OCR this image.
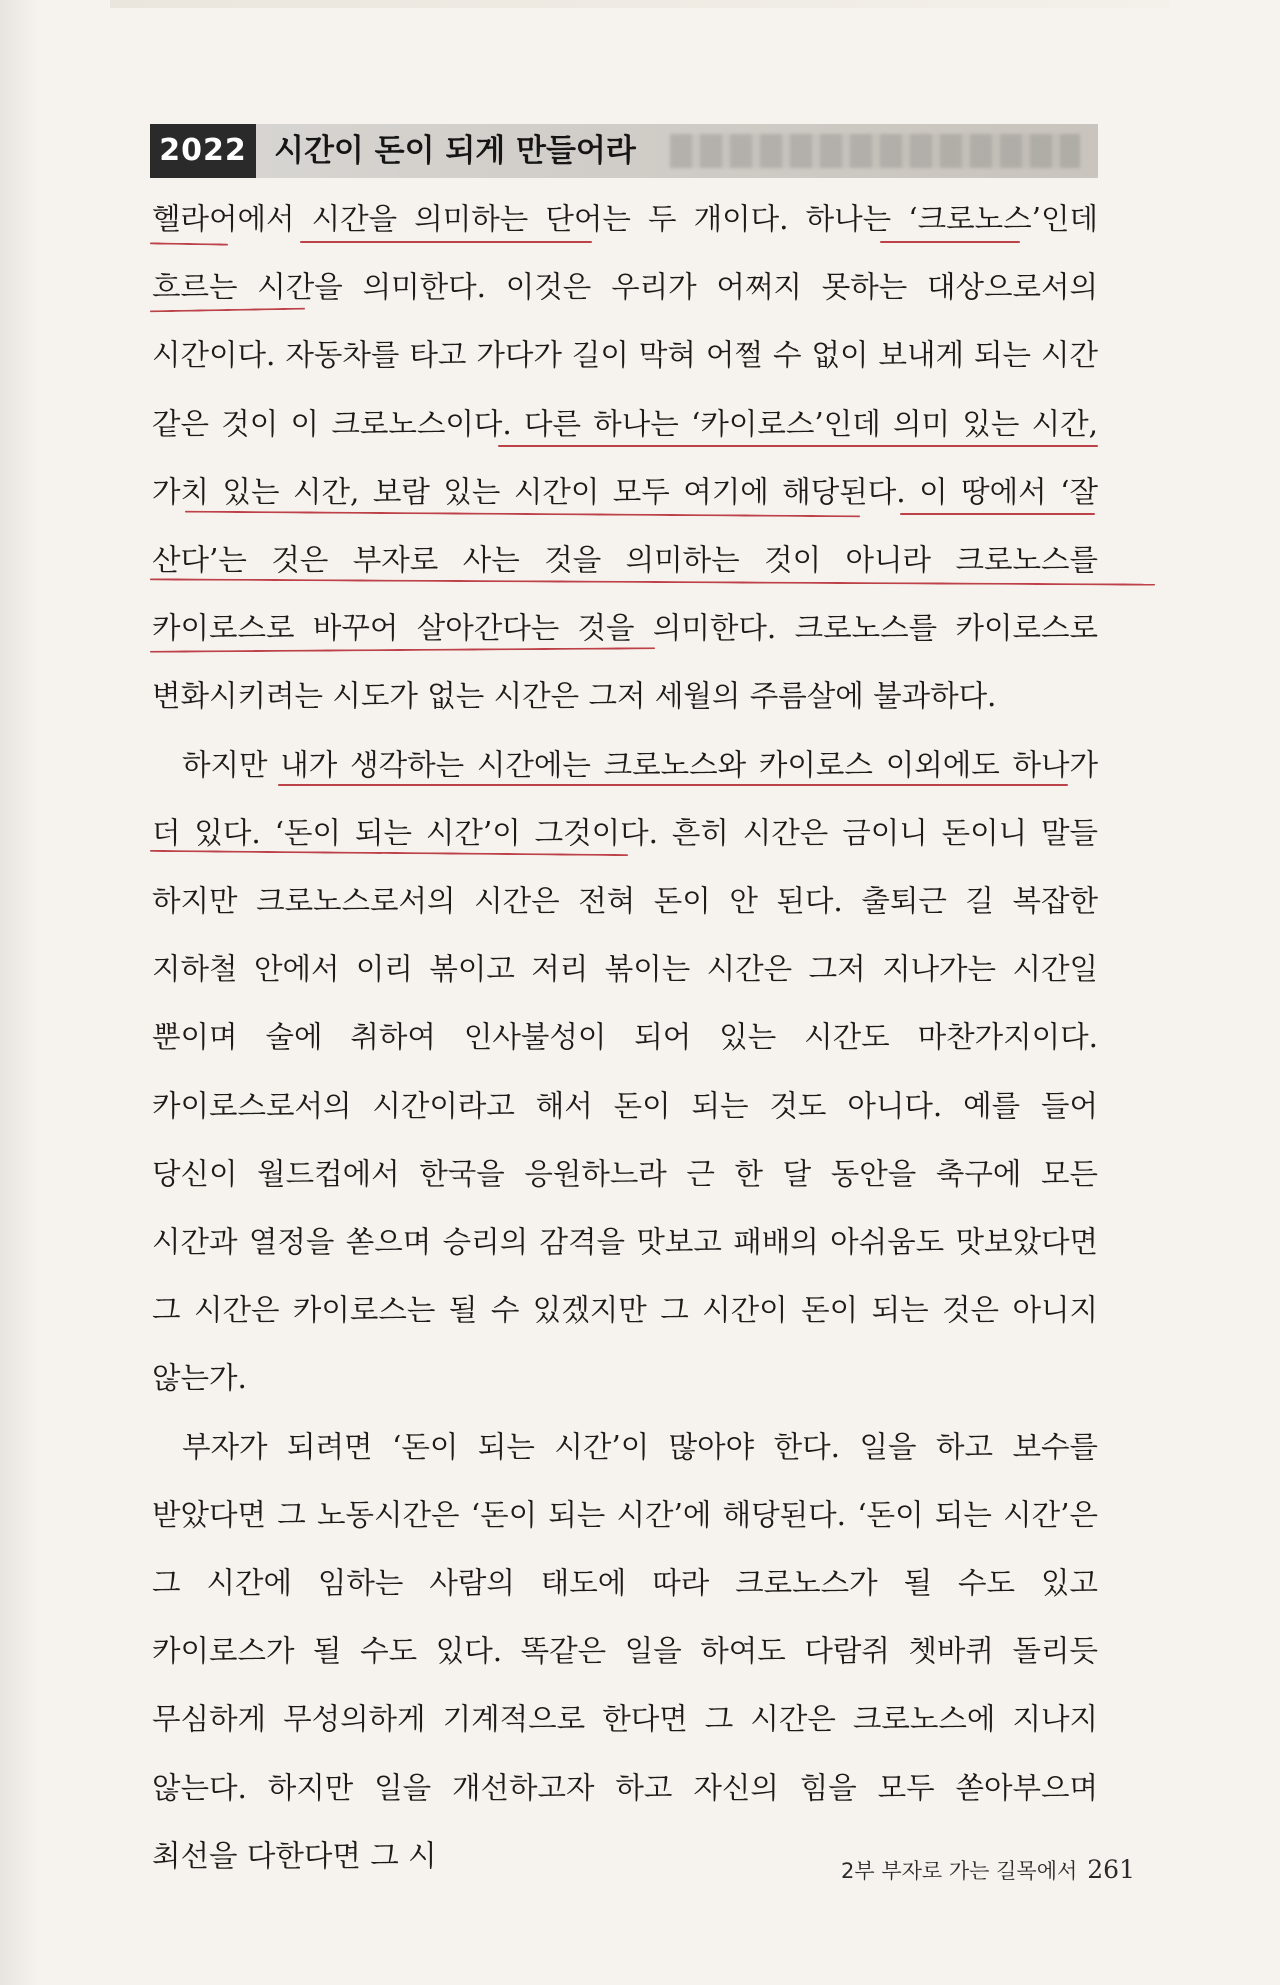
2022 시간이 돈이 되게 만들어라

헬라어에서 시간을 의미하는 단어는 두 개이다. 하나는 ‘크로노스’인데 흐르는 시간을 의미한다. 이것은 우리가 어쩌지 못하는 대상으로서의 시간이다. 자동차를 타고 가다가 길이 막혀 어쩔 수 없이 보내게 되는 시간 같은 것이 이 크로노스이다. 다른 하나는 ‘카이로스’인데 의미 있는 시간, 가치 있는 시간, 보람 있는 시간이 모두 여기에 해당된다. 이 땅에서 ‘잘 산다’는 것은 부자로 사는 것을 의미하는 것이 아니라 크로노스를 카이로스로 바꾸어 살아간다는 것을 의미한다. 크로노스를 카이로스로 변화시키려는 시도가 없는 시간은 그저 세월의 주름살에 불과하다.

하지만 내가 생각하는 시간에는 크로노스와 카이로스 이외에도 하나가 더 있다. ‘돈이 되는 시간’이 그것이다. 흔히 시간은 금이니 돈이니 말들 하지만 크로노스로서의 시간은 전혀 돈이 안 된다. 출퇴근 길 복잡한 지하철 안에서 이리 볶이고 저리 볶이는 시간은 그저 지나가는 시간일 뿐이며 술에 취하여 인사불성이 되어 있는 시간도 마찬가지이다. 카이로스로서의 시간이라고 해서 돈이 되는 것도 아니다. 예를 들어 당신이 월드컵에서 한국을 응원하느라 근 한 달 동안을 축구에 모든 시간과 열정을 쏟으며 승리의 감격을 맛보고 패배의 아쉬움도 맛보았다면 그 시간은 카이로스는 될 수 있겠지만 그 시간이 돈이 되는 것은 아니지 않는가.

부자가 되려면 ‘돈이 되는 시간’이 많아야 한다. 일을 하고 보수를 받았다면 그 노동시간은 ‘돈이 되는 시간’에 해당된다. ‘돈이 되는 시간’은 그 시간에 임하는 사람의 태도에 따라 크로노스가 될 수도 있고 카이로스가 될 수도 있다. 똑같은 일을 하여도 다람쥐 쳇바퀴 돌리듯 무심하게 무성의하게 기계적으로 한다면 그 시간은 크로노스에 지나지 않는다. 하지만 일을 개선하고자 하고 자신의 힘을 모두 쏟아부으며 최선을 다한다면 그 시	2부 부자로 가는 길목에서 261
